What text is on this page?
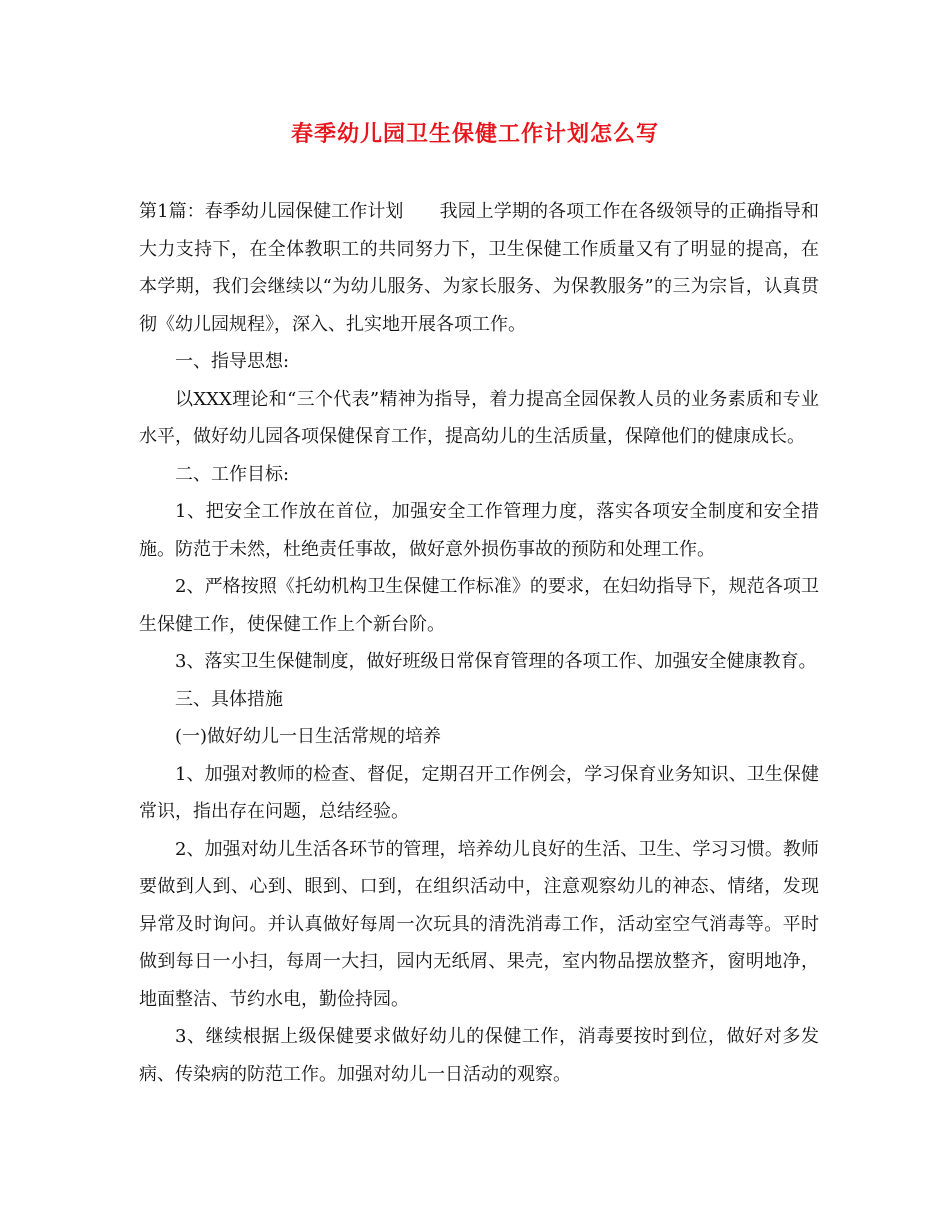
春季幼儿园卫生保健工作计划怎么写

第1篇：春季幼儿园保健工作计划　　我园上学期的各项工作在各级领导的正确指导和大力支持下，在全体教职工的共同努力下，卫生保健工作质量又有了明显的提高，在本学期，我们会继续以“为幼儿服务、为家长服务、为保教服务”的三为宗旨，认真贯彻《幼儿园规程》，深入、扎实地开展各项工作。

一、指导思想:

以XXX理论和“三个代表”精神为指导，着力提高全园保教人员的业务素质和专业水平，做好幼儿园各项保健保育工作，提高幼儿的生活质量，保障他们的健康成长。

二、工作目标:

1、把安全工作放在首位，加强安全工作管理力度，落实各项安全制度和安全措施。防范于未然，杜绝责任事故，做好意外损伤事故的预防和处理工作。

2、严格按照《托幼机构卫生保健工作标准》的要求，在妇幼指导下，规范各项卫生保健工作，使保健工作上个新台阶。

3、落实卫生保健制度，做好班级日常保育管理的各项工作、加强安全健康教育。

三、具体措施

(一)做好幼儿一日生活常规的培养

1、加强对教师的检查、督促，定期召开工作例会，学习保育业务知识、卫生保健常识，指出存在问题，总结经验。

2、加强对幼儿生活各环节的管理，培养幼儿良好的生活、卫生、学习习惯。教师要做到人到、心到、眼到、口到，在组织活动中，注意观察幼儿的神态、情绪，发现异常及时询问。并认真做好每周一次玩具的清洗消毒工作，活动室空气消毒等。平时做到每日一小扫，每周一大扫，园内无纸屑、果壳，室内物品摆放整齐，窗明地净，地面整洁、节约水电，勤俭持园。

3、继续根据上级保健要求做好幼儿的保健工作，消毒要按时到位，做好对多发病、传染病的防范工作。加强对幼儿一日活动的观察。
